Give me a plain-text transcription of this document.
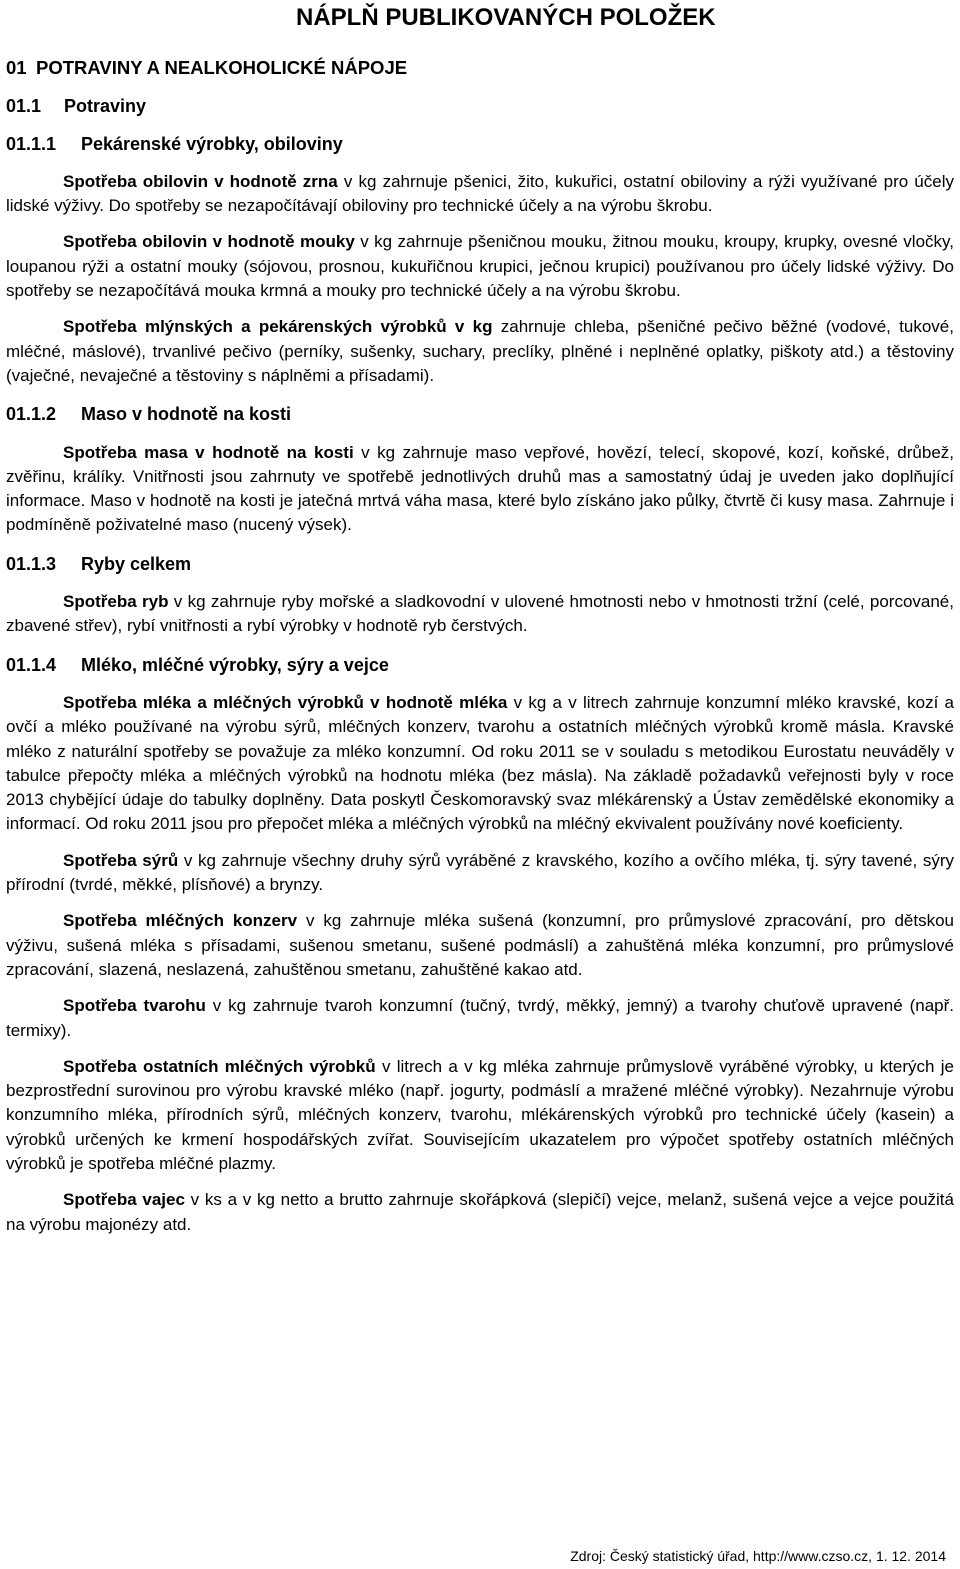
NÁPLŇ PUBLIKOVANÝCH POLOŽEK
01 POTRAVINY A NEALKOHOLICKÉ NÁPOJE
01.1	Potraviny
01.1.1	Pekárenské výrobky, obiloviny

Spotřeba obilovin v hodnotě zrna v kg zahrnuje pšenici, žito, kukuřici, ostatní obiloviny a rýži využívané pro účely lidské výživy. Do spotřeby se nezapočítávají obiloviny pro technické účely a na výrobu škrobu.

Spotřeba obilovin v hodnotě mouky v kg zahrnuje pšeničnou mouku, žitnou mouku, kroupy, krupky, ovesné vločky, loupanou rýži a ostatní mouky (sójovou, prosnou, kukuřičnou krupici, ječnou krupici) používanou pro účely lidské výživy. Do spotřeby se nezapočítává mouka krmná a mouky pro technické účely a na výrobu škrobu.

Spotřeba mlýnských a pekárenských výrobků v kg zahrnuje chleba, pšeničné pečivo běžné (vodové, tukové, mléčné, máslové), trvanlivé pečivo (perníky, sušenky, suchary, preclíky, plněné i neplněné oplatky, piškoty atd.) a těstoviny (vaječné, nevaječné a těstoviny s náplněmi a přísadami).

01.1.2	Maso v hodnotě na kosti

Spotřeba masa v hodnotě na kosti v kg zahrnuje maso vepřové, hovězí, telecí, skopové, kozí, koňské, drůbež, zvěřinu, králíky. Vnitřnosti jsou zahrnuty ve spotřebě jednotlivých druhů mas a samostatný údaj je uveden jako doplňující informace. Maso v hodnotě na kosti je jatečná mrtvá váha masa, které bylo získáno jako půlky, čtvrtě či kusy masa. Zahrnuje i podmíněně poživatelné maso (nucený výsek).

01.1.3	Ryby celkem

Spotřeba ryb v kg zahrnuje ryby mořské a sladkovodní v ulovené hmotnosti nebo v hmotnosti tržní (celé, porcované, zbavené střev), rybí vnitřnosti a rybí výrobky v hodnotě ryb čerstvých.

01.1.4	Mléko, mléčné výrobky, sýry a vejce

Spotřeba mléka a mléčných výrobků v hodnotě mléka v kg a v litrech zahrnuje konzumní mléko kravské, kozí a ovčí a mléko používané na výrobu sýrů, mléčných konzerv, tvarohu a ostatních mléčných výrobků kromě másla. Kravské mléko z naturální spotřeby se považuje za mléko konzumní. Od roku 2011 se v souladu s metodikou Eurostatu neuváděly v tabulce přepočty mléka a mléčných výrobků na hodnotu mléka (bez másla). Na základě požadavků veřejnosti byly v roce 2013 chybějící údaje do tabulky doplněny. Data poskytl Českomoravský svaz mlékárenský a Ústav zemědělské ekonomiky a informací. Od roku 2011 jsou pro přepočet mléka a mléčných výrobků na mléčný ekvivalent používány nové koeficienty.

Spotřeba sýrů v kg zahrnuje všechny druhy sýrů vyráběné z kravského, kozího a ovčího mléka, tj. sýry tavené, sýry přírodní (tvrdé, měkké, plísňové) a brynzy.

Spotřeba mléčných konzerv v kg zahrnuje mléka sušená (konzumní, pro průmyslové zpracování, pro dětskou výživu, sušená mléka s přísadami, sušenou smetanu, sušené podmáslí) a zahuštěná mléka konzumní, pro průmyslové zpracování, slazená, neslazená, zahuštěnou smetanu, zahuštěné kakao atd.

Spotřeba tvarohu v kg zahrnuje tvaroh konzumní (tučný, tvrdý, měkký, jemný) a tvarohy chuťově upravené (např. termixy).

Spotřeba ostatních mléčných výrobků v litrech a v kg mléka zahrnuje průmyslově vyráběné výrobky, u kterých je bezprostřední surovinou pro výrobu kravské mléko (např. jogurty, podmáslí a mražené mléčné výrobky). Nezahrnuje výrobu konzumního mléka, přírodních sýrů, mléčných konzerv, tvarohu, mlékárenských výrobků pro technické účely (kasein) a výrobků určených ke krmení hospodářských zvířat. Souvisejícím ukazatelem pro výpočet spotřeby ostatních mléčných výrobků je spotřeba mléčné plazmy.

Spotřeba vajec v ks a v kg netto a brutto zahrnuje skořápková (slepičí) vejce, melanž, sušená vejce a vejce použitá na výrobu majonézy atd.

Zdroj: Český statistický úřad, http://www.czso.cz, 1. 12. 2014
